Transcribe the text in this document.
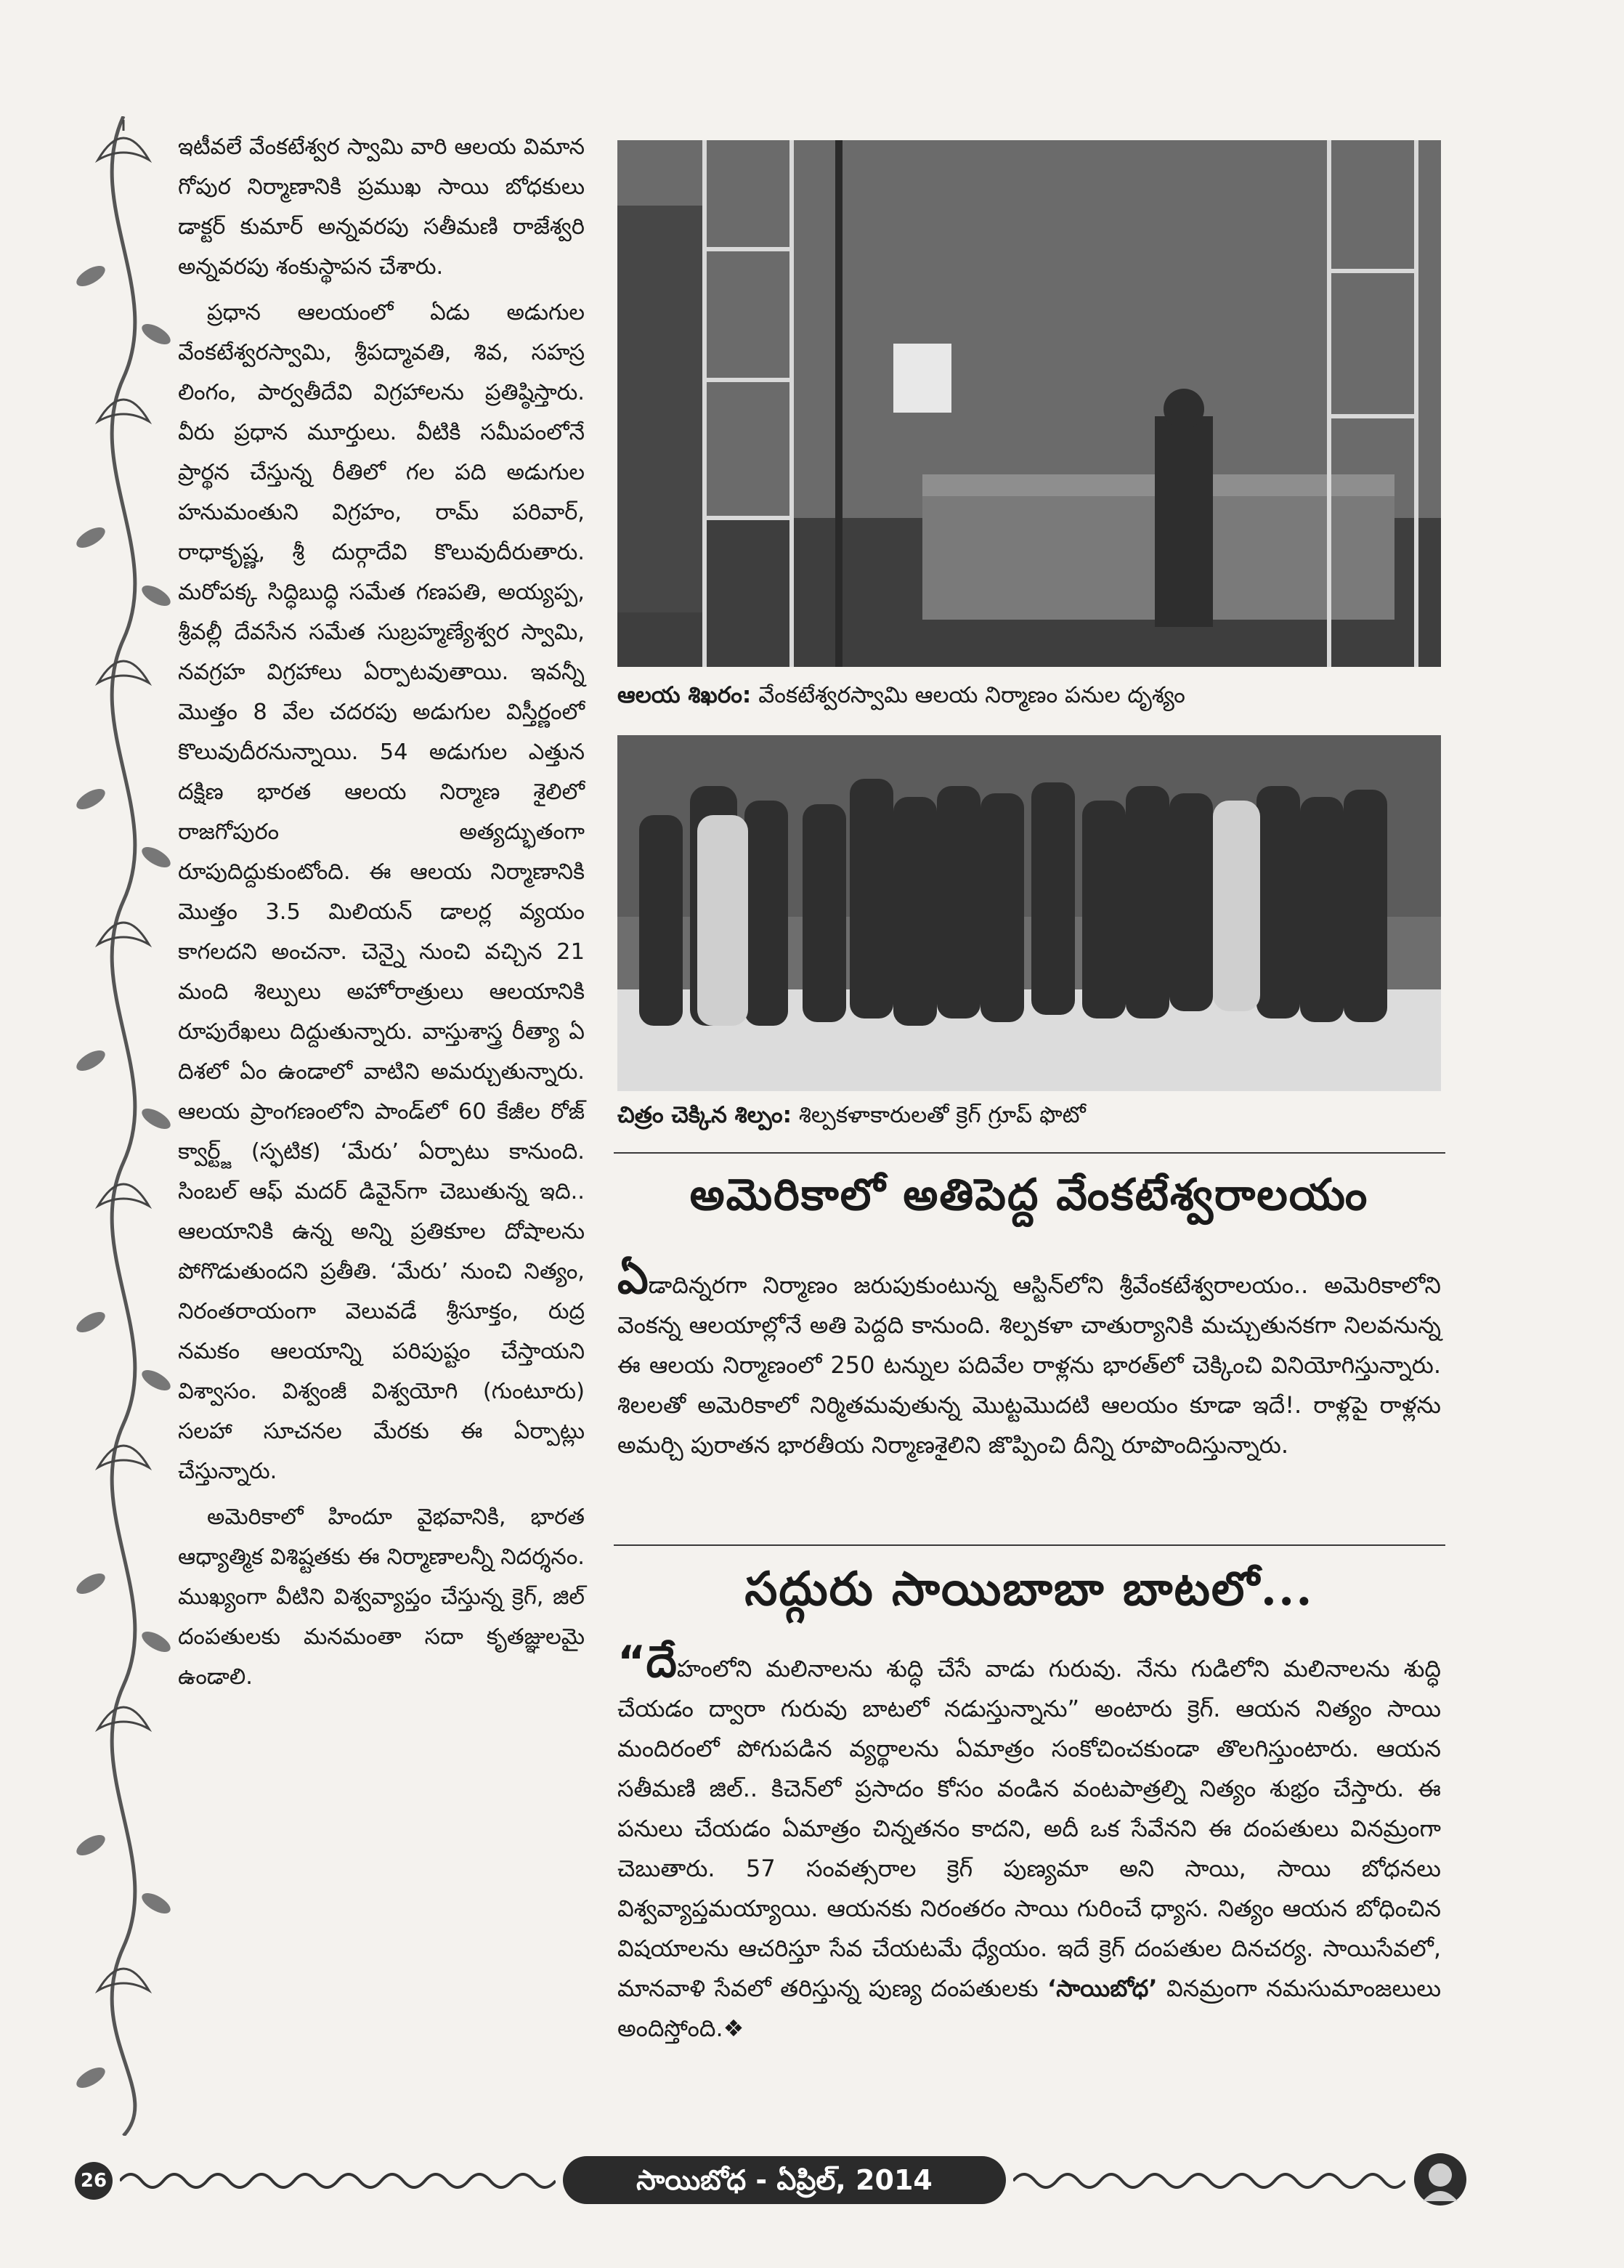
ఇటీవలే వేంకటేశ్వర స్వామి వారి ఆలయ విమాన గోపుర నిర్మాణానికి ప్రముఖ సాయి బోధకులు డాక్టర్ కుమార్ అన్నవరపు సతీమణి రాజేశ్వరి అన్నవరపు శంకుస్థాపన చేశారు.

ప్రధాన ఆలయంలో ఏడు అడుగుల వేంకటేశ్వరస్వామి, శ్రీపద్మావతి, శివ, సహస్ర లింగం, పార్వతీదేవి విగ్రహాలను ప్రతిష్ఠిస్తారు. వీరు ప్రధాన మూర్తులు. వీటికి సమీపంలోనే ప్రార్థన చేస్తున్న రీతిలో గల పది అడుగుల హనుమంతుని విగ్రహం, రామ్ పరివార్, రాధాకృష్ణ, శ్రీ దుర్గాదేవి కొలువుదీరుతారు. మరోపక్క సిద్ధిబుద్ధి సమేత గణపతి, అయ్యప్ప, శ్రీవల్లీ దేవసేన సమేత సుబ్రహ్మణ్యేశ్వర స్వామి, నవగ్రహ విగ్రహాలు ఏర్పాటవుతాయి. ఇవన్నీ మొత్తం 8 వేల చదరపు అడుగుల విస్తీర్ణంలో కొలువుదీరనున్నాయి. 54 అడుగుల ఎత్తున దక్షిణ భారత ఆలయ నిర్మాణ శైలిలో రాజగోపురం అత్యద్భుతంగా రూపుదిద్దుకుంటోంది. ఈ ఆలయ నిర్మాణానికి మొత్తం 3.5 మిలియన్ డాలర్ల వ్యయం కాగలదని అంచనా. చెన్నై నుంచి వచ్చిన 21 మంది శిల్పులు అహోరాత్రులు ఆలయానికి రూపురేఖలు దిద్దుతున్నారు. వాస్తుశాస్త్ర రీత్యా ఏ దిశలో ఏం ఉండాలో వాటిని అమర్చుతున్నారు. ఆలయ ప్రాంగణంలోని పాండ్‌లో 60 కేజీల రోజ్ క్వార్ట్జ్ (స్ఫటిక) ‘మేరు’ ఏర్పాటు కానుంది. సింబల్ ఆఫ్ మదర్ డివైన్‌గా చెబుతున్న ఇది.. ఆలయానికి ఉన్న అన్ని ప్రతికూల దోషాలను పోగొడుతుందని ప్రతీతి. ‘మేరు’ నుంచి నిత్యం, నిరంతరాయంగా వెలువడే శ్రీసూక్తం, రుద్ర నమకం ఆలయాన్ని పరిపుష్టం చేస్తాయని విశ్వాసం. విశ్వంజీ విశ్వయోగి (గుంటూరు) సలహా సూచనల మేరకు ఈ ఏర్పాట్లు చేస్తున్నారు.

అమెరికాలో హిందూ వైభవానికి, భారత ఆధ్యాత్మిక విశిష్టతకు ఈ నిర్మాణాలన్నీ నిదర్శనం. ముఖ్యంగా వీటిని విశ్వవ్యాప్తం చేస్తున్న క్రెగ్, జిల్ దంపతులకు మనమంతా సదా కృతజ్ఞులమై ఉండాలి.

ఆలయ శిఖరం: వేంకటేశ్వరస్వామి ఆలయ నిర్మాణం పనుల దృశ్యం
చిత్రం చెక్కిన శిల్పం: శిల్పకళాకారులతో క్రెగ్ గ్రూప్ ఫొటో
అమెరికాలో అతిపెద్ద వేంకటేశ్వరాలయం

ఏడాదిన్నరగా నిర్మాణం జరుపుకుంటున్న ఆస్టిన్‌లోని శ్రీవేంకటేశ్వరాలయం.. అమెరికాలోని వెంకన్న ఆలయాల్లోనే అతి పెద్దది కానుంది. శిల్పకళా చాతుర్యానికి మచ్చుతునకగా నిలవనున్న ఈ ఆలయ నిర్మాణంలో 250 టన్నుల పదివేల రాళ్లను భారత్‌లో చెక్కించి వినియోగిస్తున్నారు. శిలలతో అమెరికాలో నిర్మితమవుతున్న మొట్టమొదటి ఆలయం కూడా ఇదే!. రాళ్లపై రాళ్లను అమర్చి పురాతన భారతీయ నిర్మాణశైలిని జొప్పించి దీన్ని రూపొందిస్తున్నారు.

సద్గురు సాయిబాబా బాటలో...

“దేహంలోని మలినాలను శుద్ధి చేసే వాడు గురువు. నేను గుడిలోని మలినాలను శుద్ధి చేయడం ద్వారా గురువు బాటలో నడుస్తున్నాను” అంటారు క్రెగ్. ఆయన నిత్యం సాయి మందిరంలో పోగుపడిన వ్యర్థాలను ఏమాత్రం సంకోచించకుండా తొలగిస్తుంటారు. ఆయన సతీమణి జిల్.. కిచెన్‌లో ప్రసాదం కోసం వండిన వంటపాత్రల్ని నిత్యం శుభ్రం చేస్తారు. ఈ పనులు చేయడం ఏమాత్రం చిన్నతనం కాదని, అదీ ఒక సేవేనని ఈ దంపతులు వినమ్రంగా చెబుతారు. 57 సంవత్సరాల క్రెగ్ పుణ్యమా అని సాయి, సాయి బోధనలు విశ్వవ్యాప్తమయ్యాయి. ఆయనకు నిరంతరం సాయి గురించే ధ్యాస. నిత్యం ఆయన బోధించిన విషయాలను ఆచరిస్తూ సేవ చేయటమే ధ్యేయం. ఇదే క్రెగ్ దంపతుల దినచర్య. సాయిసేవలో, మానవాళి సేవలో తరిస్తున్న పుణ్య దంపతులకు ‘సాయిబోధ’ వినమ్రంగా నమసుమాంజలులు అందిస్తోంది.❖

26	సాయిబోధ - ఏప్రిల్, 2014
